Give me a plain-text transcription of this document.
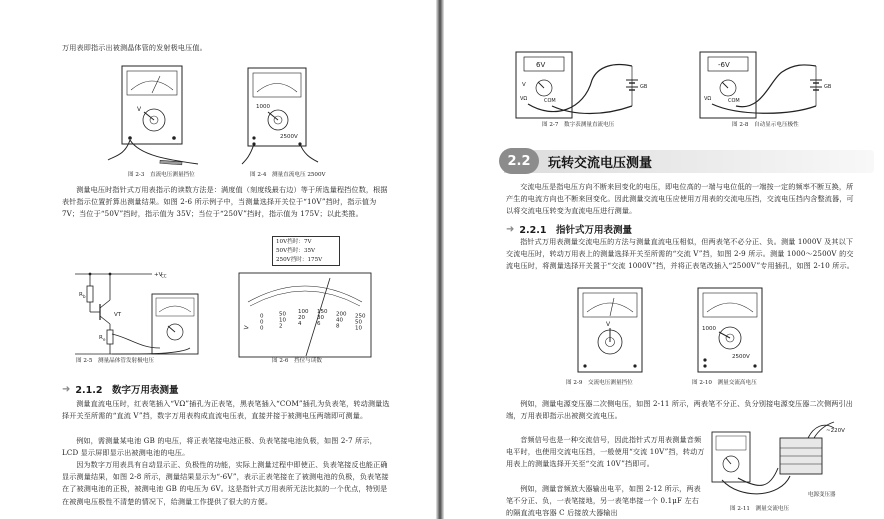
万用表即指示出被测晶体管的发射极电压值。

V
图 2-3　直流电压测量挡位
1000
2500V
图 2-4　测量直流电压 2500V

测量电压时指针式万用表指示的读数方法是：满度值（刻度线最右边）等于所选量程挡位数，根据表针指示位置折算出测量结果。如图 2-6 所示例子中，当测量选择开关位于“10V”挡时，指示值为 7V；当位于“50V”挡时，指示值为 35V；当位于“250V”挡时，指示值为 175V；以此类推。

+V
CC
R b
R e
VT
图 2-5　测量晶体管发射极电压
V
0	50 100 150 200 250
0	10 20 30 40 50
0	2	4	6	8	10
10V挡时：7V
50V挡时：35V
250V挡时：175V
图 2-6　挡位与读数
➜ 2.1.2　数字万用表测量

测量直流电压时，红表笔插入“VΩ”插孔为正表笔，黑表笔插入“COM”插孔为负表笔，转动测量选择开关至所需的“直流 V”挡，数字万用表构成直流电压表，直接并接于被测电压两端即可测量。

例如，需测量某电池 GB 的电压，将正表笔接电池正极、负表笔接电池负极，如图 2-7 所示，LCD 显示屏即显示出被测电池的电压。

因为数字万用表具有自动显示正、负极性的功能，实际上测量过程中即使正、负表笔接反也能正确显示测量结果，如图 2-8 所示，测量结果显示为“-6V”，表示正表笔接在了被测电池的负极，负表笔接在了被测电池的正极，被测电池 GB 的电压为 6V。这是指针式万用表所无法比拟的一个优点，特别是在被测电压极性不清楚的情况下，给测量工作提供了很大的方便。

6V
V
VΩ	COM
GB
图 2-7　数字表测量直流电压
-6V
VΩ	COM
GB
图 2-8　自动显示电压极性
2.2	玩转交流电压测量

交流电压是指电压方向不断来回变化的电压，即电位高的一端与电位低的一端按一定的频率不断互换，所产生的电流方向也不断来回变化。因此测量交流电压应使用万用表的交流电压挡，交流电压挡内含整流器，可以将交流电压转变为直流电压进行测量。

➜ 2.2.1　指针式万用表测量

指针式万用表测量交流电压的方法与测量直流电压相似，但两表笔不必分正、负。测量 1000V 及其以下交流电压时，转动万用表上的测量选择开关至所需的“交流 V”挡，如图 2-9 所示。测量 1000～2500V 的交流电压时，将测量选择开关置于“交流 1000V”挡，并将正表笔改插入“2500V”专用插孔，如图 2-10 所示。

V
图 2-9　交流电压测量挡位
1000
2500V
图 2-10　测量交流高电压

例如，测量电源变压器二次侧电压，如图 2-11 所示，两表笔不分正、负分别接电源变压器二次侧两引出端，万用表即指示出被测交流电压。

音频信号也是一种交流信号，因此指针式万用表测量音频电平时，也使用交流电压挡，一般使用“交流 10V”挡，转动万用表上的测量选择开关至“交流 10V”挡即可。

例如，测量音频放大器输出电平，如图 2-12 所示，两表笔不分正、负，一表笔接地，另一表笔串接一个 0.1μF 左右的隔直流电容器 C 后接放大器输出

~220V
电源变压器
图 2-11　测量交流电压
